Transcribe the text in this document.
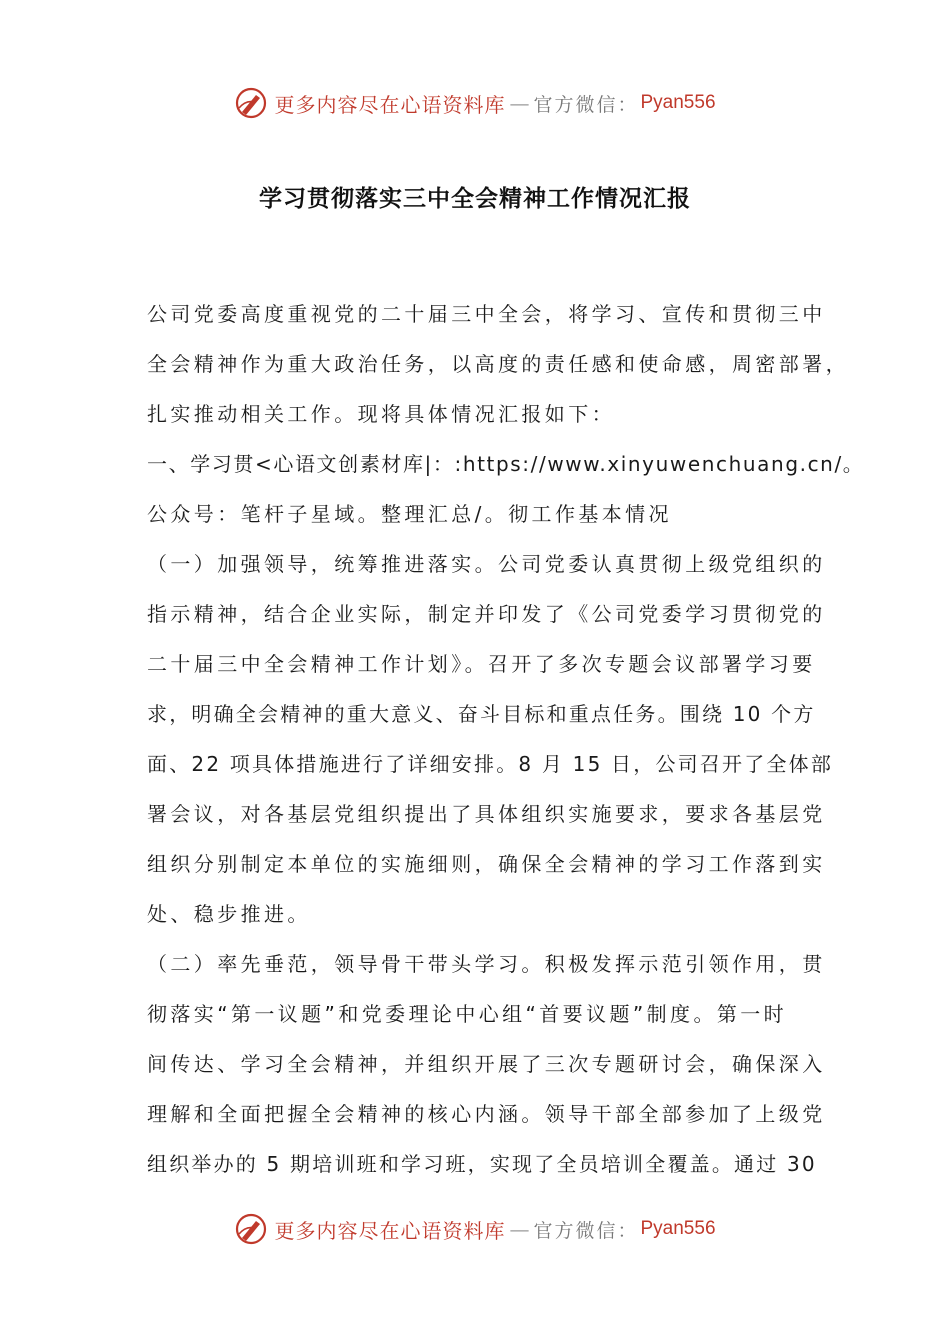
更多内容尽在心语资料库 — 官方微信： Pyan556
学习贯彻落实三中全会精神工作情况汇报
公司党委高度重视党的二十届三中全会，将学习、宣传和贯彻三中
全会精神作为重大政治任务，以高度的责任感和使命感，周密部署，
扎实推动相关工作。现将具体情况汇报如下：
一、学习贯<心语文创素材库|：:https://www.xinyuwenchuang.cn/。
公众号：笔杆子星域。整理汇总/。彻工作基本情况
（一）加强领导，统筹推进落实。公司党委认真贯彻上级党组织的
指示精神，结合企业实际，制定并印发了《公司党委学习贯彻党的
二十届三中全会精神工作计划》。召开了多次专题会议部署学习要
求，明确全会精神的重大意义、奋斗目标和重点任务。围绕 10 个方
面、22 项具体措施进行了详细安排。8 月 15 日，公司召开了全体部
署会议，对各基层党组织提出了具体组织实施要求，要求各基层党
组织分别制定本单位的实施细则，确保全会精神的学习工作落到实
处、稳步推进。
（二）率先垂范，领导骨干带头学习。积极发挥示范引领作用，贯
彻落实“第一议题”和党委理论中心组“首要议题”制度。第一时
间传达、学习全会精神，并组织开展了三次专题研讨会，确保深入
理解和全面把握全会精神的核心内涵。领导干部全部参加了上级党
组织举办的 5 期培训班和学习班，实现了全员培训全覆盖。通过 30
更多内容尽在心语资料库 — 官方微信： Pyan556
